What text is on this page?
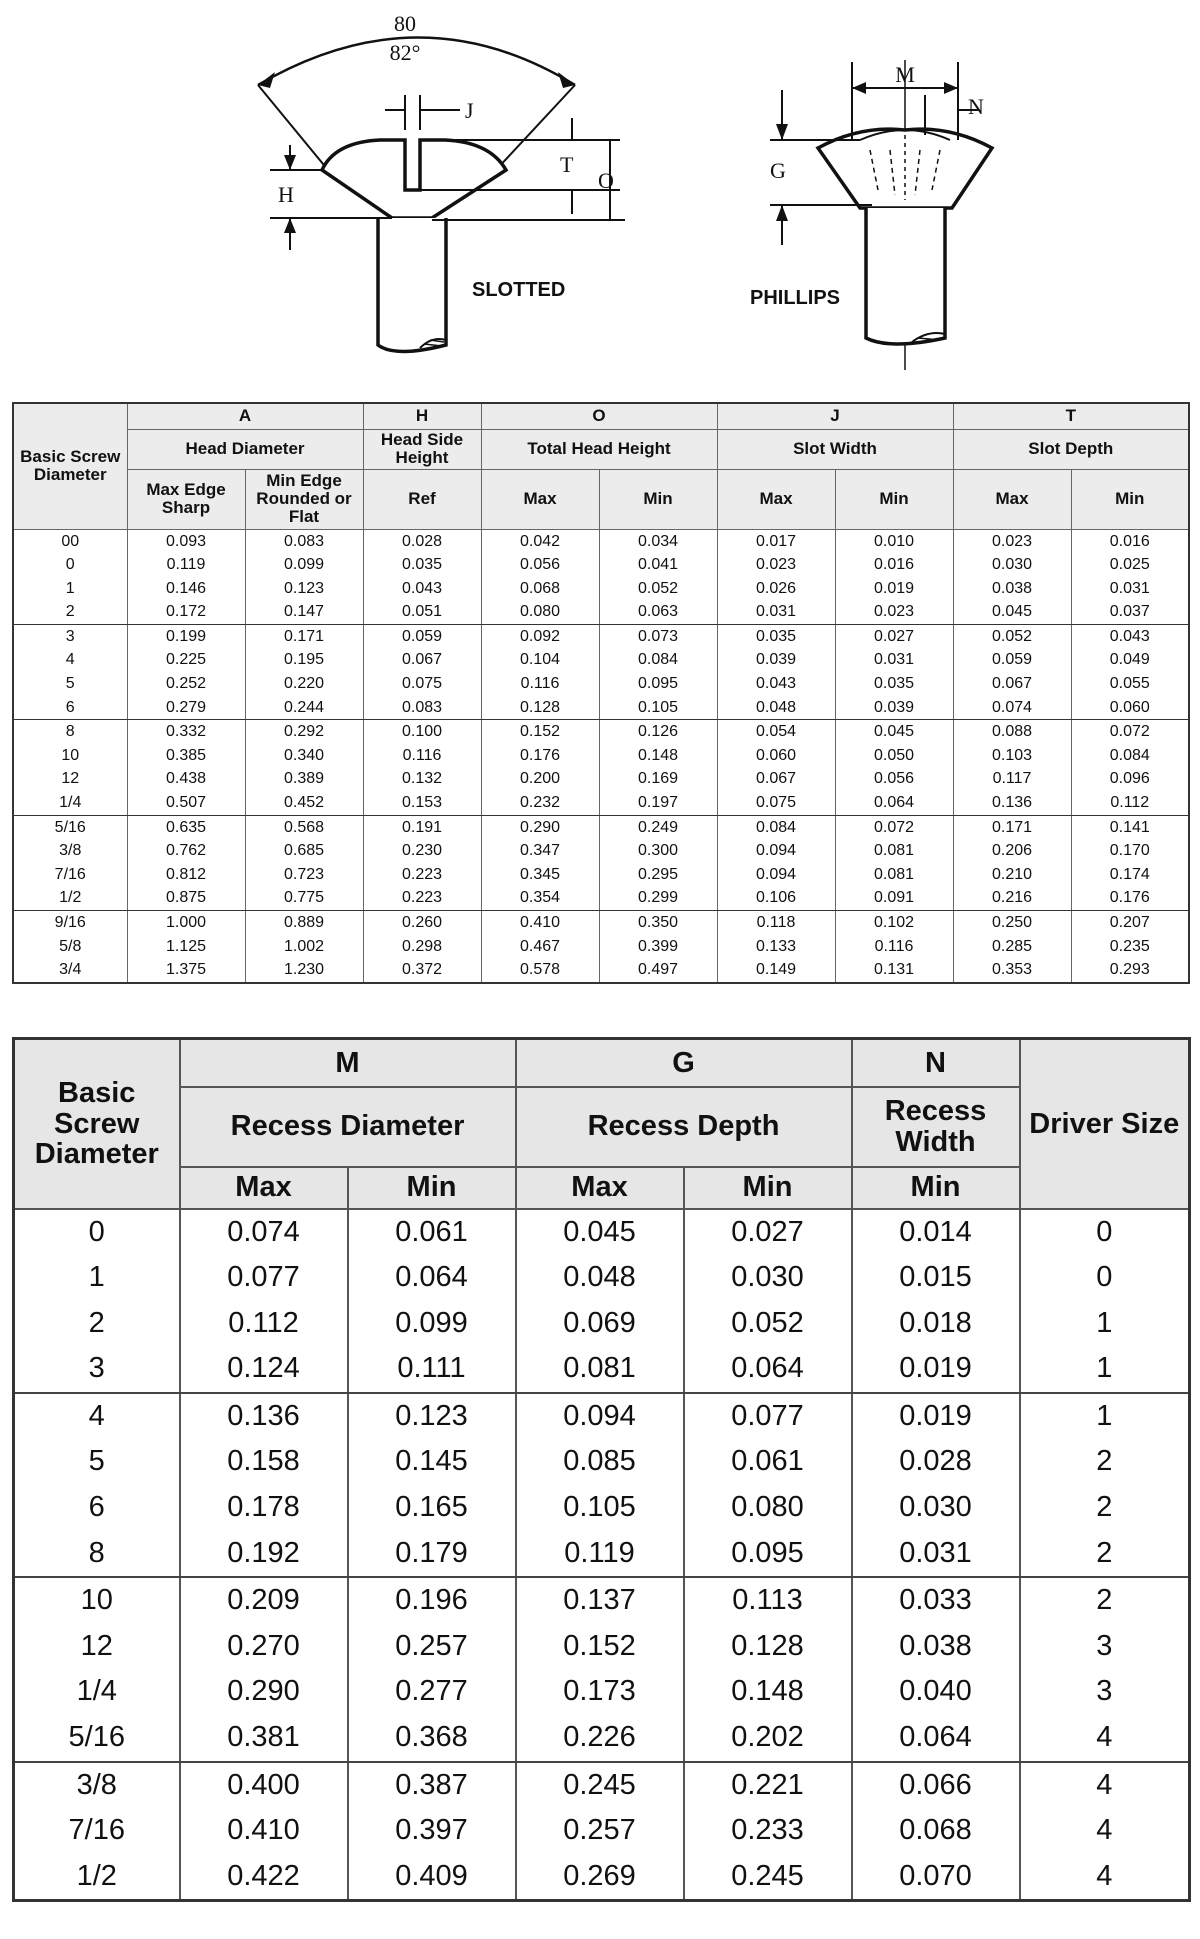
80
82°
J
H
T
O
SLOTTED
M
N
G
PHILLIPS
Basic Screw Diameter	A		H	O		J		T	
	Head Diameter		Head Side Height	Total Head Height		Slot Width		Slot Depth	
	Max Edge Sharp	Min Edge Rounded or Flat	Ref	Max	Min	Max	Min	Max	Min
00	0.093	0.083	0.028	0.042	0.034	0.017	0.010	0.023	0.016
0	0.119	0.099	0.035	0.056	0.041	0.023	0.016	0.030	0.025
1	0.146	0.123	0.043	0.068	0.052	0.026	0.019	0.038	0.031
2	0.172	0.147	0.051	0.080	0.063	0.031	0.023	0.045	0.037
3	0.199	0.171	0.059	0.092	0.073	0.035	0.027	0.052	0.043
4	0.225	0.195	0.067	0.104	0.084	0.039	0.031	0.059	0.049
5	0.252	0.220	0.075	0.116	0.095	0.043	0.035	0.067	0.055
6	0.279	0.244	0.083	0.128	0.105	0.048	0.039	0.074	0.060
8	0.332	0.292	0.100	0.152	0.126	0.054	0.045	0.088	0.072
10	0.385	0.340	0.116	0.176	0.148	0.060	0.050	0.103	0.084
12	0.438	0.389	0.132	0.200	0.169	0.067	0.056	0.117	0.096
1/4	0.507	0.452	0.153	0.232	0.197	0.075	0.064	0.136	0.112
5/16	0.635	0.568	0.191	0.290	0.249	0.084	0.072	0.171	0.141
3/8	0.762	0.685	0.230	0.347	0.300	0.094	0.081	0.206	0.170
7/16	0.812	0.723	0.223	0.345	0.295	0.094	0.081	0.210	0.174
1/2	0.875	0.775	0.223	0.354	0.299	0.106	0.091	0.216	0.176
9/16	1.000	0.889	0.260	0.410	0.350	0.118	0.102	0.250	0.207
5/8	1.125	1.002	0.298	0.467	0.399	0.133	0.116	0.285	0.235
3/4	1.375	1.230	0.372	0.578	0.497	0.149	0.131	0.353	0.293
Basic Screw Diameter	M		G		N	Driver Size
	Recess Diameter		Recess Depth		Recess Width	
	Max	Min	Max	Min	Min	
0	0.074	0.061	0.045	0.027	0.014	0
1	0.077	0.064	0.048	0.030	0.015	0
2	0.112	0.099	0.069	0.052	0.018	1
3	0.124	0.111	0.081	0.064	0.019	1
4	0.136	0.123	0.094	0.077	0.019	1
5	0.158	0.145	0.085	0.061	0.028	2
6	0.178	0.165	0.105	0.080	0.030	2
8	0.192	0.179	0.119	0.095	0.031	2
10	0.209	0.196	0.137	0.113	0.033	2
12	0.270	0.257	0.152	0.128	0.038	3
1/4	0.290	0.277	0.173	0.148	0.040	3
5/16	0.381	0.368	0.226	0.202	0.064	4
3/8	0.400	0.387	0.245	0.221	0.066	4
7/16	0.410	0.397	0.257	0.233	0.068	4
1/2	0.422	0.409	0.269	0.245	0.070	4
